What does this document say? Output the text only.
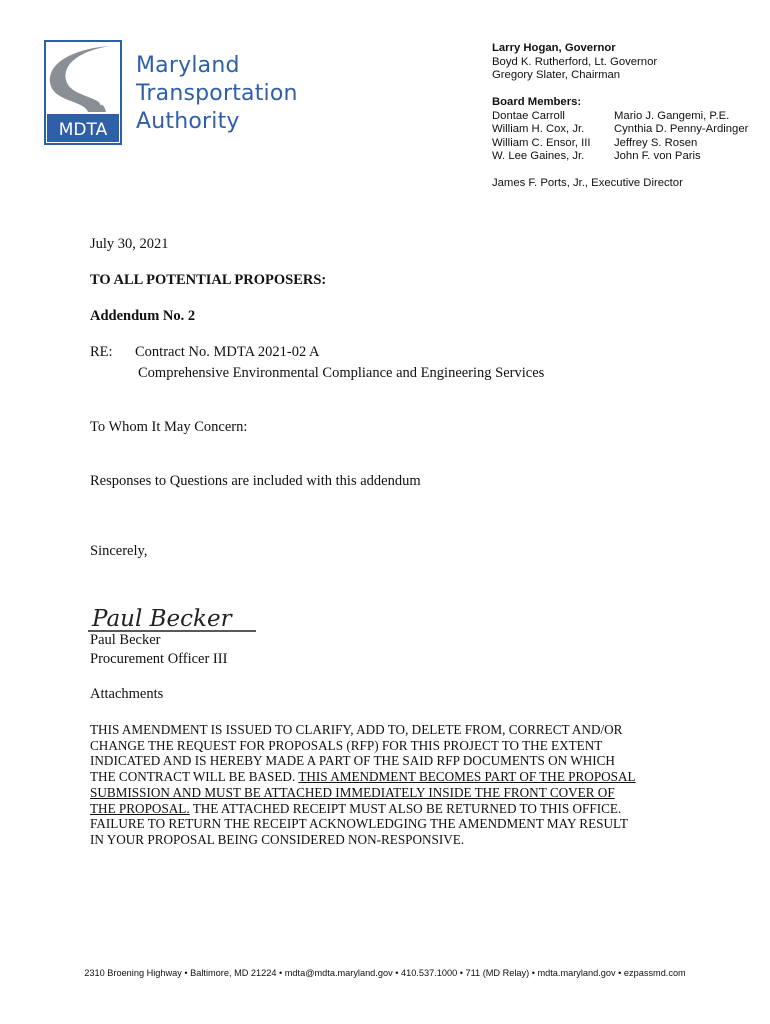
MDTA
Maryland
Transportation
Authority
Larry Hogan, Governor
Boyd K. Rutherford, Lt. Governor
Gregory Slater, Chairman
Board Members:
Dontae Carroll
William H. Cox, Jr.
William C. Ensor, III
W. Lee Gaines, Jr.
Mario J. Gangemi, P.E.
Cynthia D. Penny-Ardinger
Jeffrey S. Rosen
John F. von Paris
James F. Ports, Jr., Executive Director
July 30, 2021
TO ALL POTENTIAL PROPOSERS:
Addendum No. 2
RE: Contract No. MDTA 2021-02 A
Comprehensive Environmental Compliance and Engineering Services
To Whom It May Concern:
Responses to Questions are included with this addendum
Sincerely,
Paul Becker
Paul Becker
Procurement Officer III
Attachments
THIS AMENDMENT IS ISSUED TO CLARIFY, ADD TO, DELETE FROM, CORRECT AND/OR
CHANGE THE REQUEST FOR PROPOSALS (RFP) FOR THIS PROJECT TO THE EXTENT
INDICATED AND IS HEREBY MADE A PART OF THE SAID RFP DOCUMENTS ON WHICH
THE CONTRACT WILL BE BASED. THIS AMENDMENT BECOMES PART OF THE PROPOSAL
SUBMISSION AND MUST BE ATTACHED IMMEDIATELY INSIDE THE FRONT COVER OF
THE PROPOSAL. THE ATTACHED RECEIPT MUST ALSO BE RETURNED TO THIS OFFICE.
FAILURE TO RETURN THE RECEIPT ACKNOWLEDGING THE AMENDMENT MAY RESULT
IN YOUR PROPOSAL BEING CONSIDERED NON-RESPONSIVE.
2310 Broening Highway • Baltimore, MD 21224 • mdta@mdta.maryland.gov • 410.537.1000 • 711 (MD Relay) • mdta.maryland.gov • ezpassmd.com
